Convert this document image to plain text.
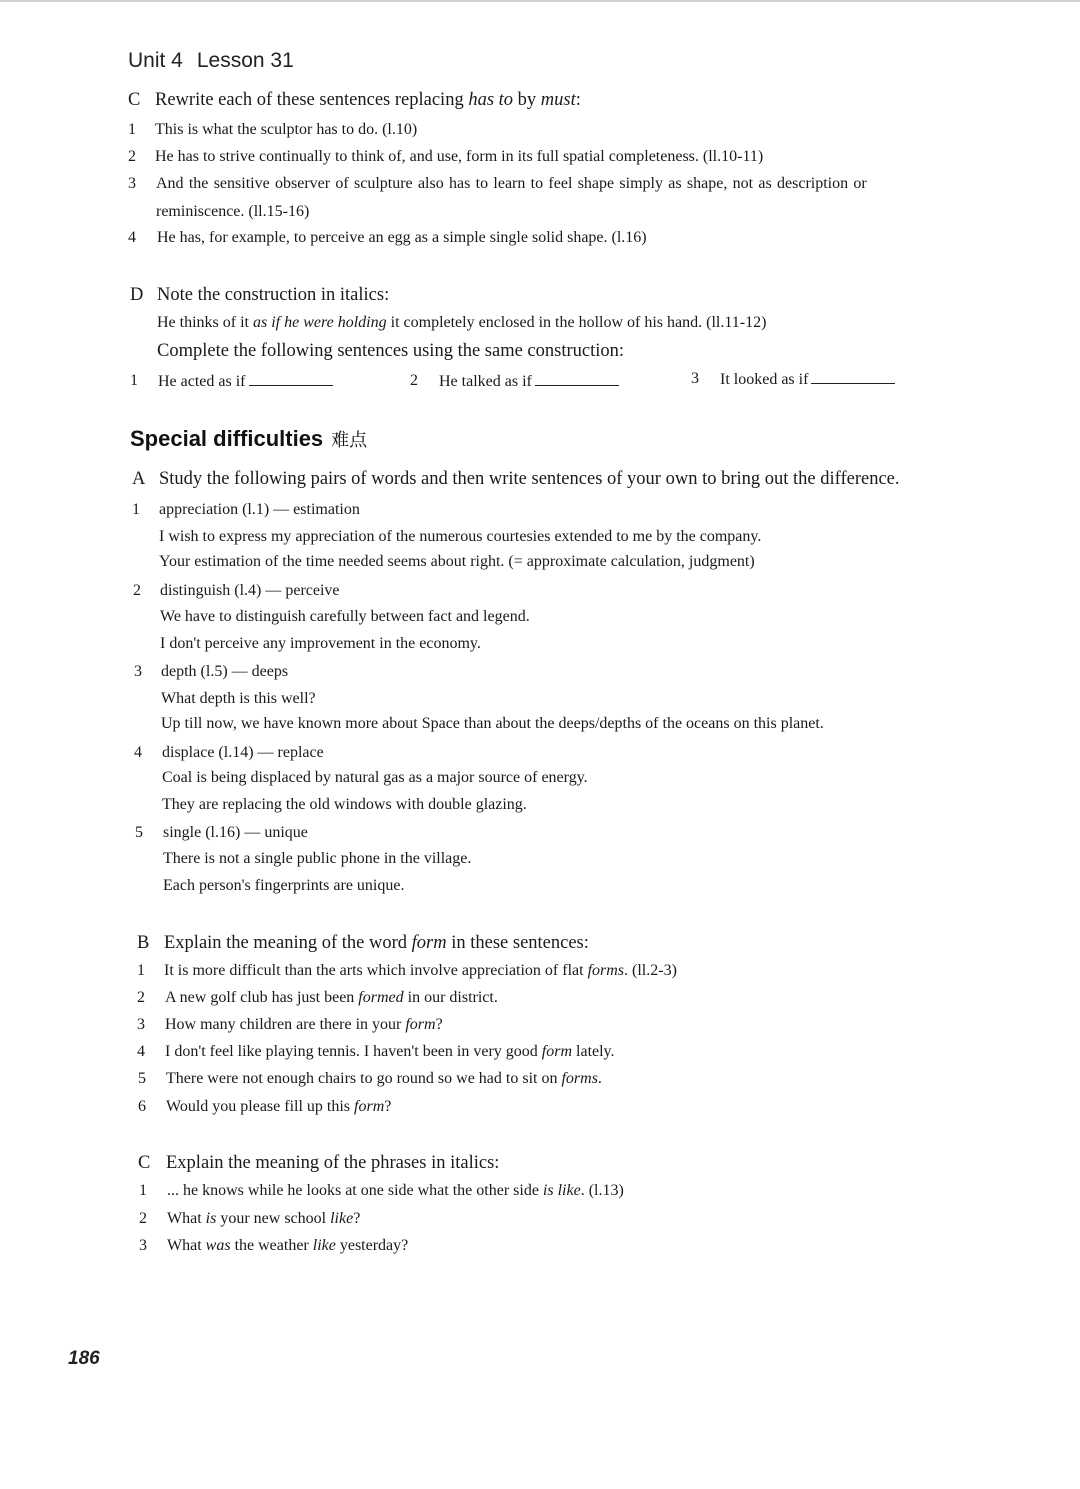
Unit 4 Lesson 31
C Rewrite each of these sentences replacing has to by must:
1	This is what the sculptor has to do. (l.10)
2	He has to strive continually to think of, and use, form in its full spatial completeness. (ll.10-11)
3	And the sensitive observer of sculpture also has to learn to feel shape simply as shape, not as description or
reminiscence. (ll.15-16)
4	He has, for example, to perceive an egg as a simple single solid shape. (l.16)
D Note the construction in italics:
He thinks of it as if he were holding it completely enclosed in the hollow of his hand. (ll.11-12)
Complete the following sentences using the same construction:
1	He acted as if	2	He talked as if	3	It looked as if
Special difficulties 难点
A Study the following pairs of words and then write sentences of your own to bring out the difference.
1	appreciation (l.1) — estimation
I wish to express my appreciation of the numerous courtesies extended to me by the company.
Your estimation of the time needed seems about right. (= approximate calculation, judgment)
2	distinguish (l.4) — perceive
We have to distinguish carefully between fact and legend.
I don't perceive any improvement in the economy.
3	depth (l.5) — deeps
What depth is this well?
Up till now, we have known more about Space than about the deeps/depths of the oceans on this planet.
4	displace (l.14) — replace
Coal is being displaced by natural gas as a major source of energy.
They are replacing the old windows with double glazing.
5	single (l.16) — unique
There is not a single public phone in the village.
Each person's fingerprints are unique.
B Explain the meaning of the word form in these sentences:
1	It is more difficult than the arts which involve appreciation of flat forms. (ll.2-3)
2	A new golf club has just been formed in our district.
3	How many children are there in your form?
4	I don't feel like playing tennis. I haven't been in very good form lately.
5	There were not enough chairs to go round so we had to sit on forms.
6	Would you please fill up this form?
C Explain the meaning of the phrases in italics:
1	... he knows while he looks at one side what the other side is like. (l.13)
2	What is your new school like?
3	What was the weather like yesterday?
186
